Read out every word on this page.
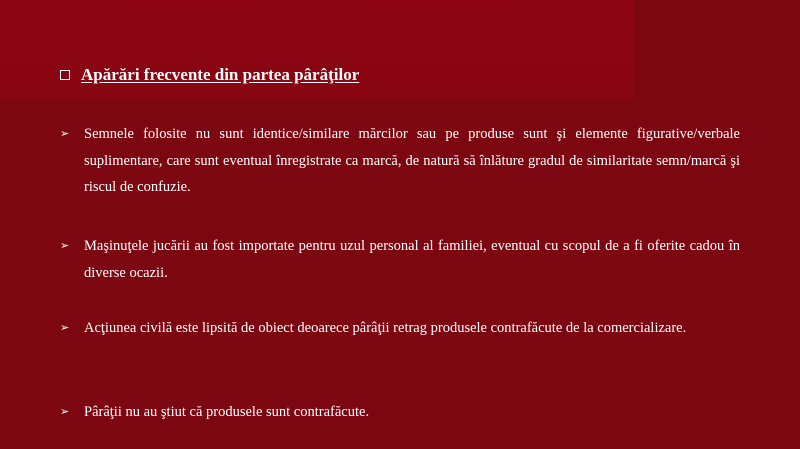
Apărări frecvente din partea pârâţilor
➢ Semnele folosite nu sunt identice/similare mărcilor sau pe produse sunt şi elemente figurative/verbale suplimentare, care sunt eventual înregistrate ca marcă, de natură să înlăture gradul de similaritate semn/marcă şi riscul de confuzie.
➢ Maşinuţele jucării au fost importate pentru uzul personal al familiei, eventual cu scopul de a fi oferite cadou în diverse ocazii.
➢ Acţiunea civilă este lipsită de obiect deoarece pârâţii retrag produsele contrafăcute de la comercializare.
➢ Pârâţii nu au ştiut că produsele sunt contrafăcute.
